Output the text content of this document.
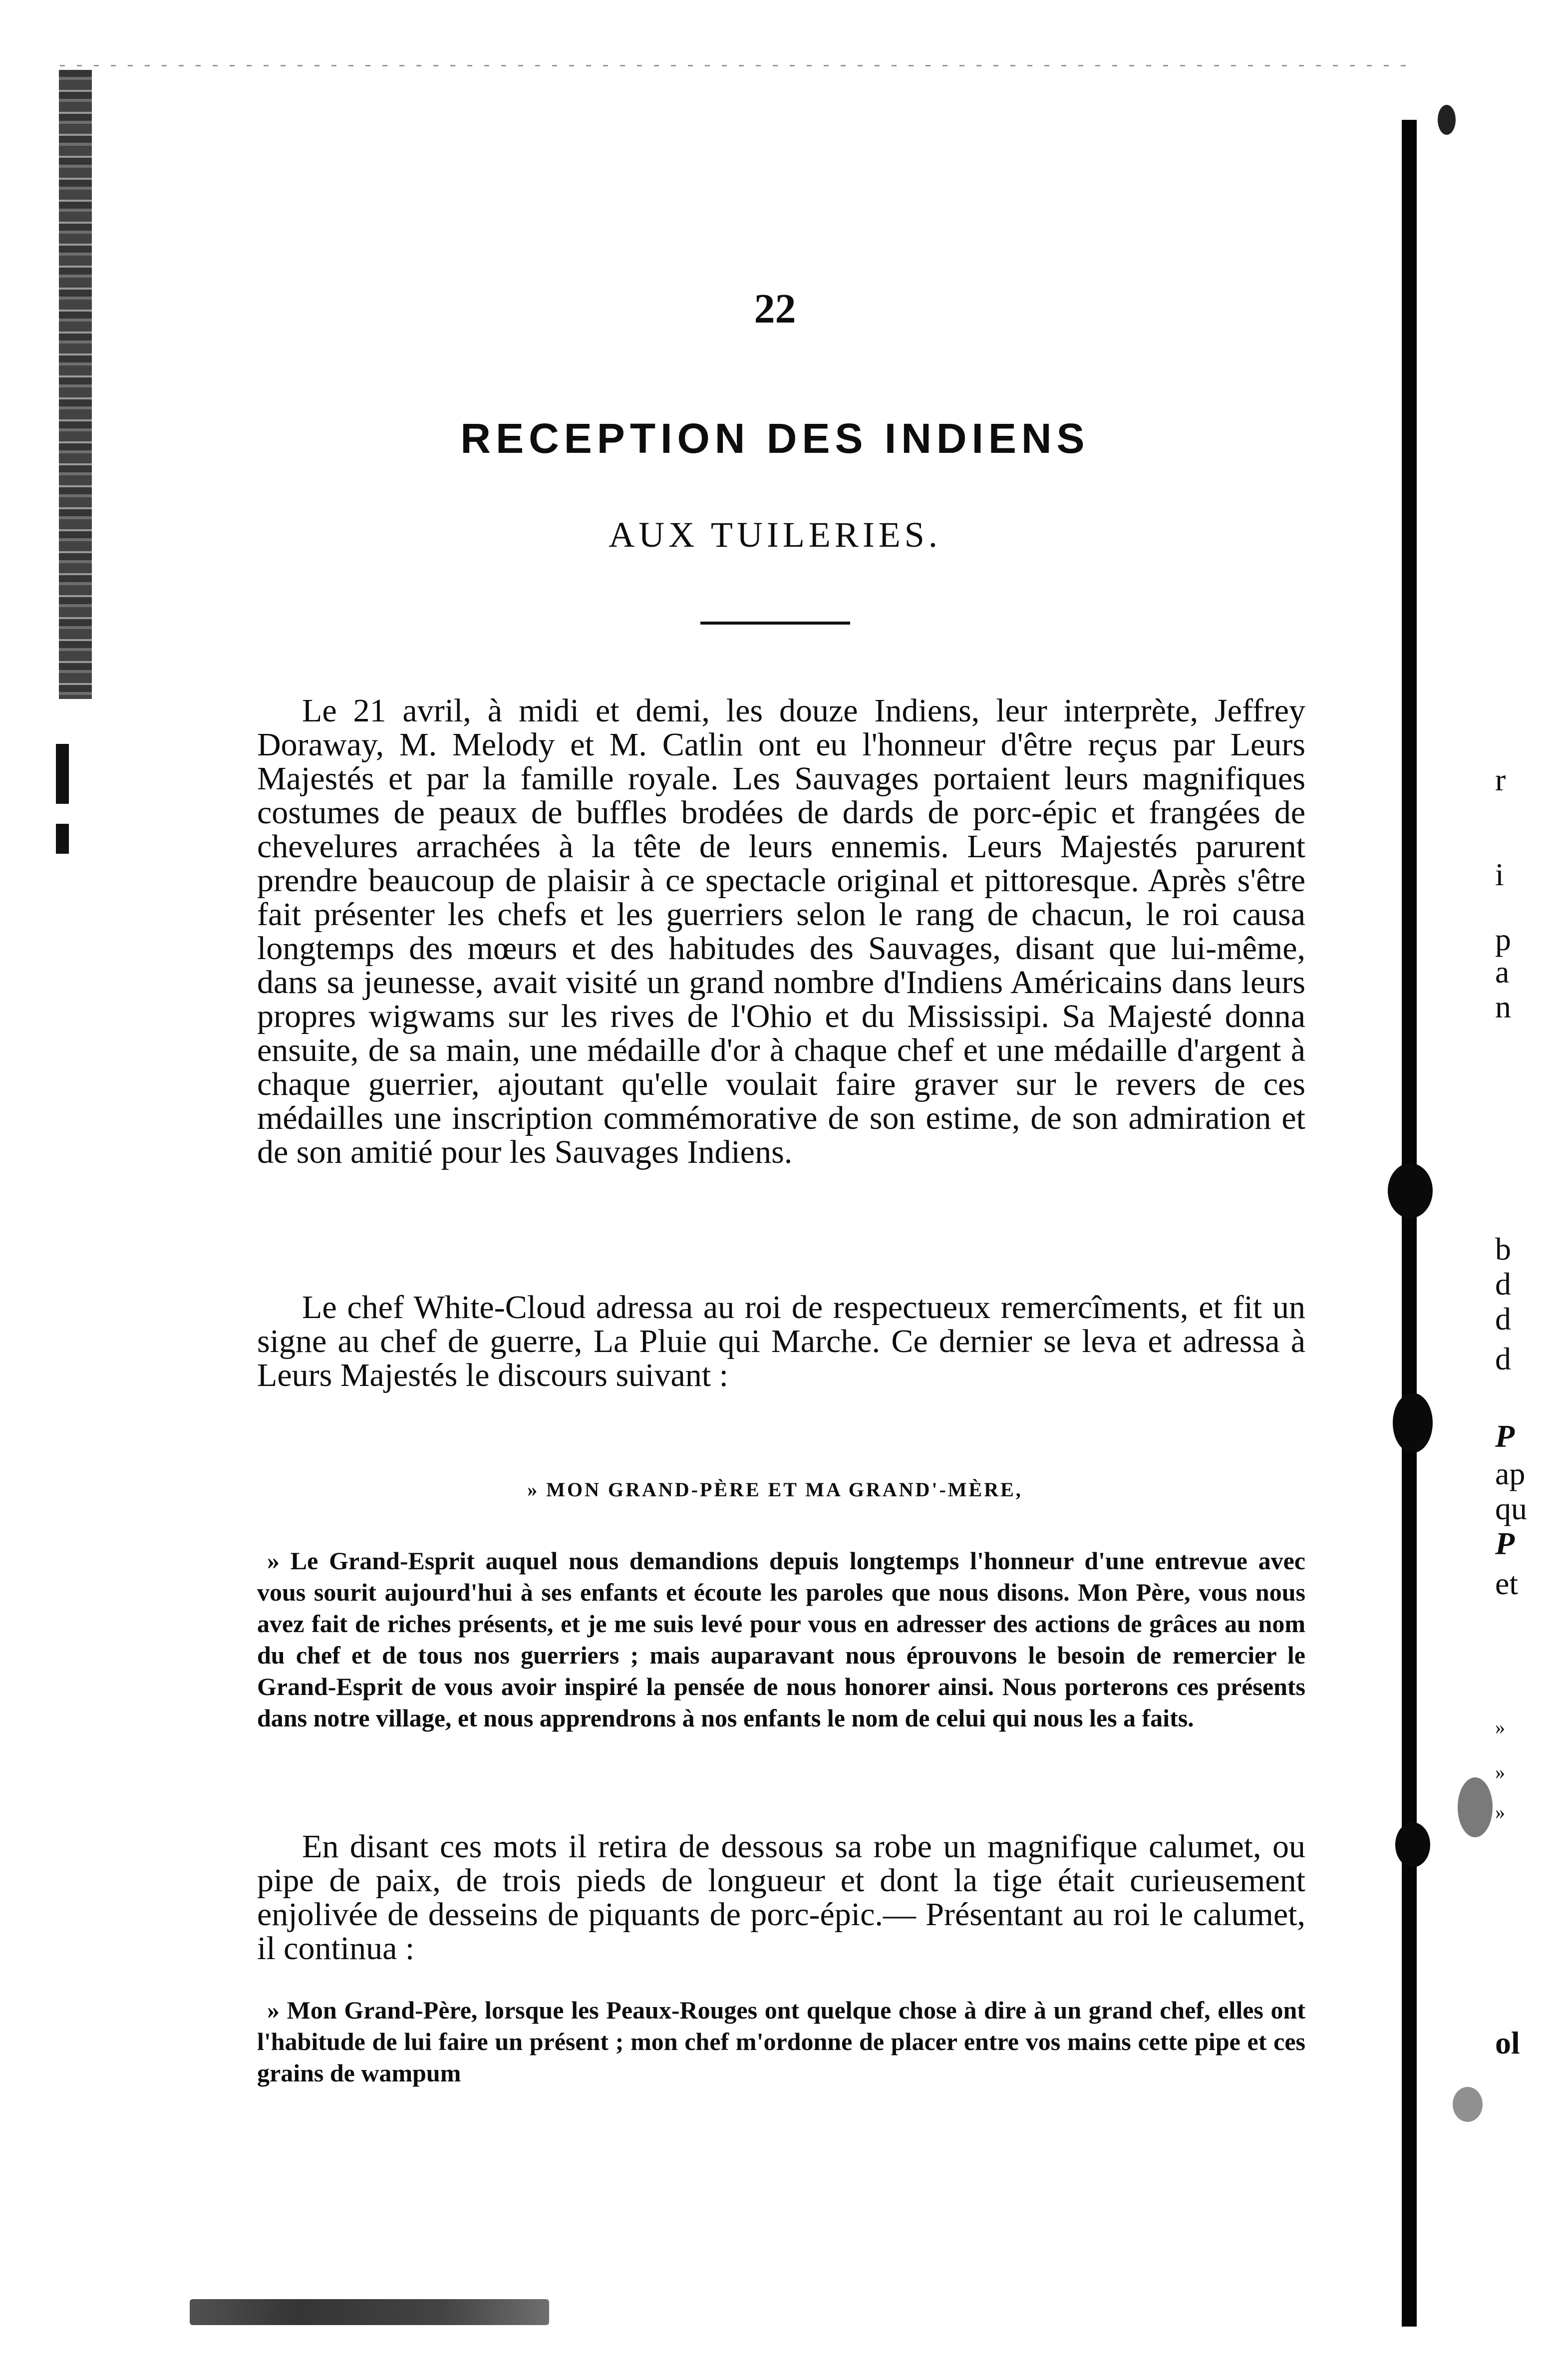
r
i
p
a
n
b
d
d
d
P
ap
qu
P
et
»
»
»
ol
22
RECEPTION DES INDIENS
AUX TUILERIES.

Le 21 avril, à midi et demi, les douze Indiens, leur interprète, Jeffrey Doraway, M. Melody et M. Catlin ont eu l'honneur d'être reçus par Leurs Majestés et par la famille royale. Les Sauvages portaient leurs magnifiques costumes de peaux de buffles brodées de dards de porc-épic et frangées de chevelures arrachées à la tête de leurs ennemis. Leurs Majestés parurent prendre beaucoup de plaisir à ce spectacle original et pittoresque. Après s'être fait présenter les chefs et les guerriers selon le rang de chacun, le roi causa longtemps des mœurs et des habitudes des Sauvages, disant que lui-même, dans sa jeunesse, avait visité un grand nombre d'Indiens Américains dans leurs propres wigwams sur les rives de l'Ohio et du Mississipi. Sa Majesté donna ensuite, de sa main, une médaille d'or à chaque chef et une médaille d'argent à chaque guerrier, ajoutant qu'elle voulait faire graver sur le revers de ces médailles une inscription commémorative de son estime, de son admiration et de son amitié pour les Sauvages Indiens.

Le chef White-Cloud adressa au roi de respectueux remercîments, et fit un signe au chef de guerre, La Pluie qui Marche. Ce dernier se leva et adressa à Leurs Majestés le discours suivant :

» MON GRAND-PÈRE ET MA GRAND'-MÈRE,

» Le Grand-Esprit auquel nous demandions depuis longtemps l'honneur d'une entrevue avec vous sourit aujourd'hui à ses enfants et écoute les paroles que nous disons. Mon Père, vous nous avez fait de riches présents, et je me suis levé pour vous en adresser des actions de grâces au nom du chef et de tous nos guerriers ; mais auparavant nous éprouvons le besoin de remercier le Grand-Esprit de vous avoir inspiré la pensée de nous honorer ainsi. Nous porterons ces présents dans notre village, et nous apprendrons à nos enfants le nom de celui qui nous les a faits.

En disant ces mots il retira de dessous sa robe un magnifique calumet, ou pipe de paix, de trois pieds de longueur et dont la tige était curieusement enjolivée de desseins de piquants de porc-épic.— Présentant au roi le calumet, il continua :

» Mon Grand-Père, lorsque les Peaux-Rouges ont quelque chose à dire à un grand chef, elles ont l'habitude de lui faire un présent ; mon chef m'ordonne de placer entre vos mains cette pipe et ces grains de wampum
